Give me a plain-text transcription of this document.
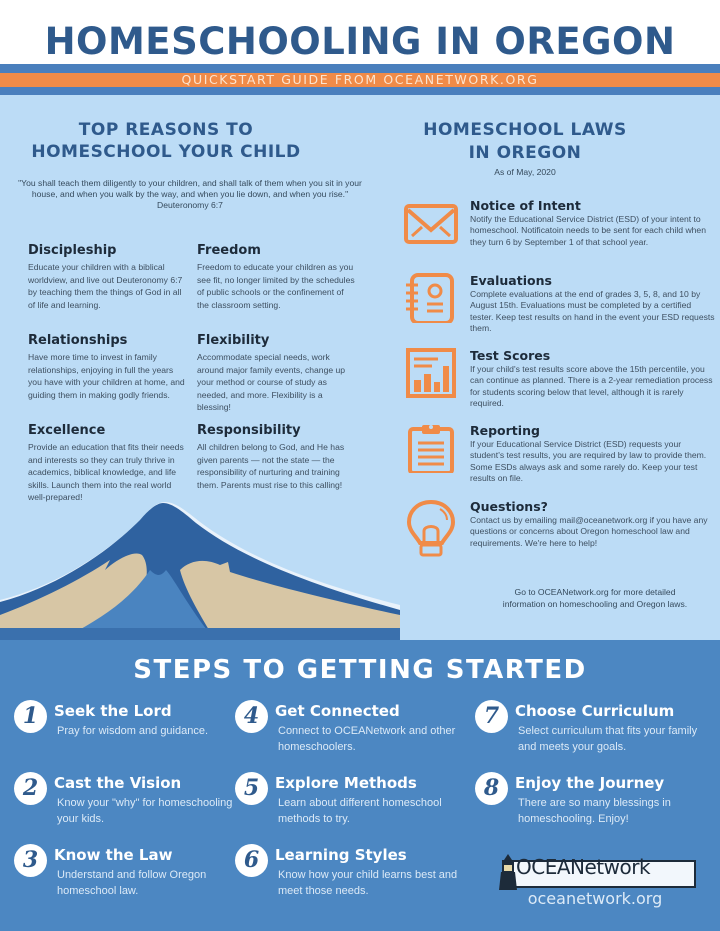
HOMESCHOOLING IN OREGON
QUICKSTART GUIDE FROM OCEANETWORK.ORG
TOP REASONS TO
HOMESCHOOL YOUR CHILD
"You shall teach them diligently to your children, and shall talk of them when you sit in your house, and when you walk by the way, and when you lie down, and when you rise."
Deuteronomy 6:7
Discipleship

Educate your children with a biblical worldview, and live out Deuteronomy 6:7 by teaching them the things of God in all of life and learning.

Freedom

Freedom to educate your children as you see fit, no longer limited by the schedules of public schools or the confinement of the classroom setting.

Relationships

Have more time to invest in family relationships, enjoying in full the years you have with your children at home, and guiding them in making godly friends.

Flexibility

Accommodate special needs, work around major family events, change up your method or course of study as needed, and more. Flexibility is a blessing!

Excellence

Provide an education that fits their needs and interests so they can truly thrive in academics, biblical knowledge, and life skills. Launch them into the real world well-prepared!

Responsibility

All children belong to God, and He has given parents — not the state — the responsibility of nurturing and training them. Parents must rise to this calling!

HOMESCHOOL LAWS
IN OREGON
As of May, 2020
Notice of Intent

Notify the Educational Service District (ESD) of your intent to homeschool. Notificatoin needs to be sent for each child when they turn 6 by September 1 of that school year.

Evaluations

Complete evaluations at the end of grades 3, 5, 8, and 10 by August 15th. Evaluations must be completed by a certified tester. Keep test results on hand in the event your ESD requests them.

Test Scores

If your child's test results score above the 15th percentile, you can continue as planned. There is a 2-year remediation process for students scoring below that level, although it is rarely required.

Reporting

If your Educational Service District (ESD) requests your student's test results, you are required by law to provide them. Some ESDs always ask and some rarely do. Keep your test results on file.

Questions?

Contact us by emailing mail@oceanetwork.org if you have any questions or concerns about Oregon homeschool law and requirements. We're here to help!

Go to OCEANetwork.org for more detailed information on homeschooling and Oregon laws.
STEPS TO GETTING STARTED
1	Seek the Lord

Pray for wisdom and guidance.

2	Cast the Vision

Know your "why" for homeschooling your kids.

3	Know the Law

Understand and follow Oregon homeschool law.

4	Get Connected

Connect to OCEANetwork and other homeschoolers.

5	Explore Methods

Learn about different homeschool methods to try.

6	Learning Styles

Know how your child learns best and meet those needs.

7	Choose Curriculum

Select curriculum that fits your family and meets your goals.

8	Enjoy the Journey

There are so many blessings in homeschooling. Enjoy!

OCEANetwork
oceanetwork.org
